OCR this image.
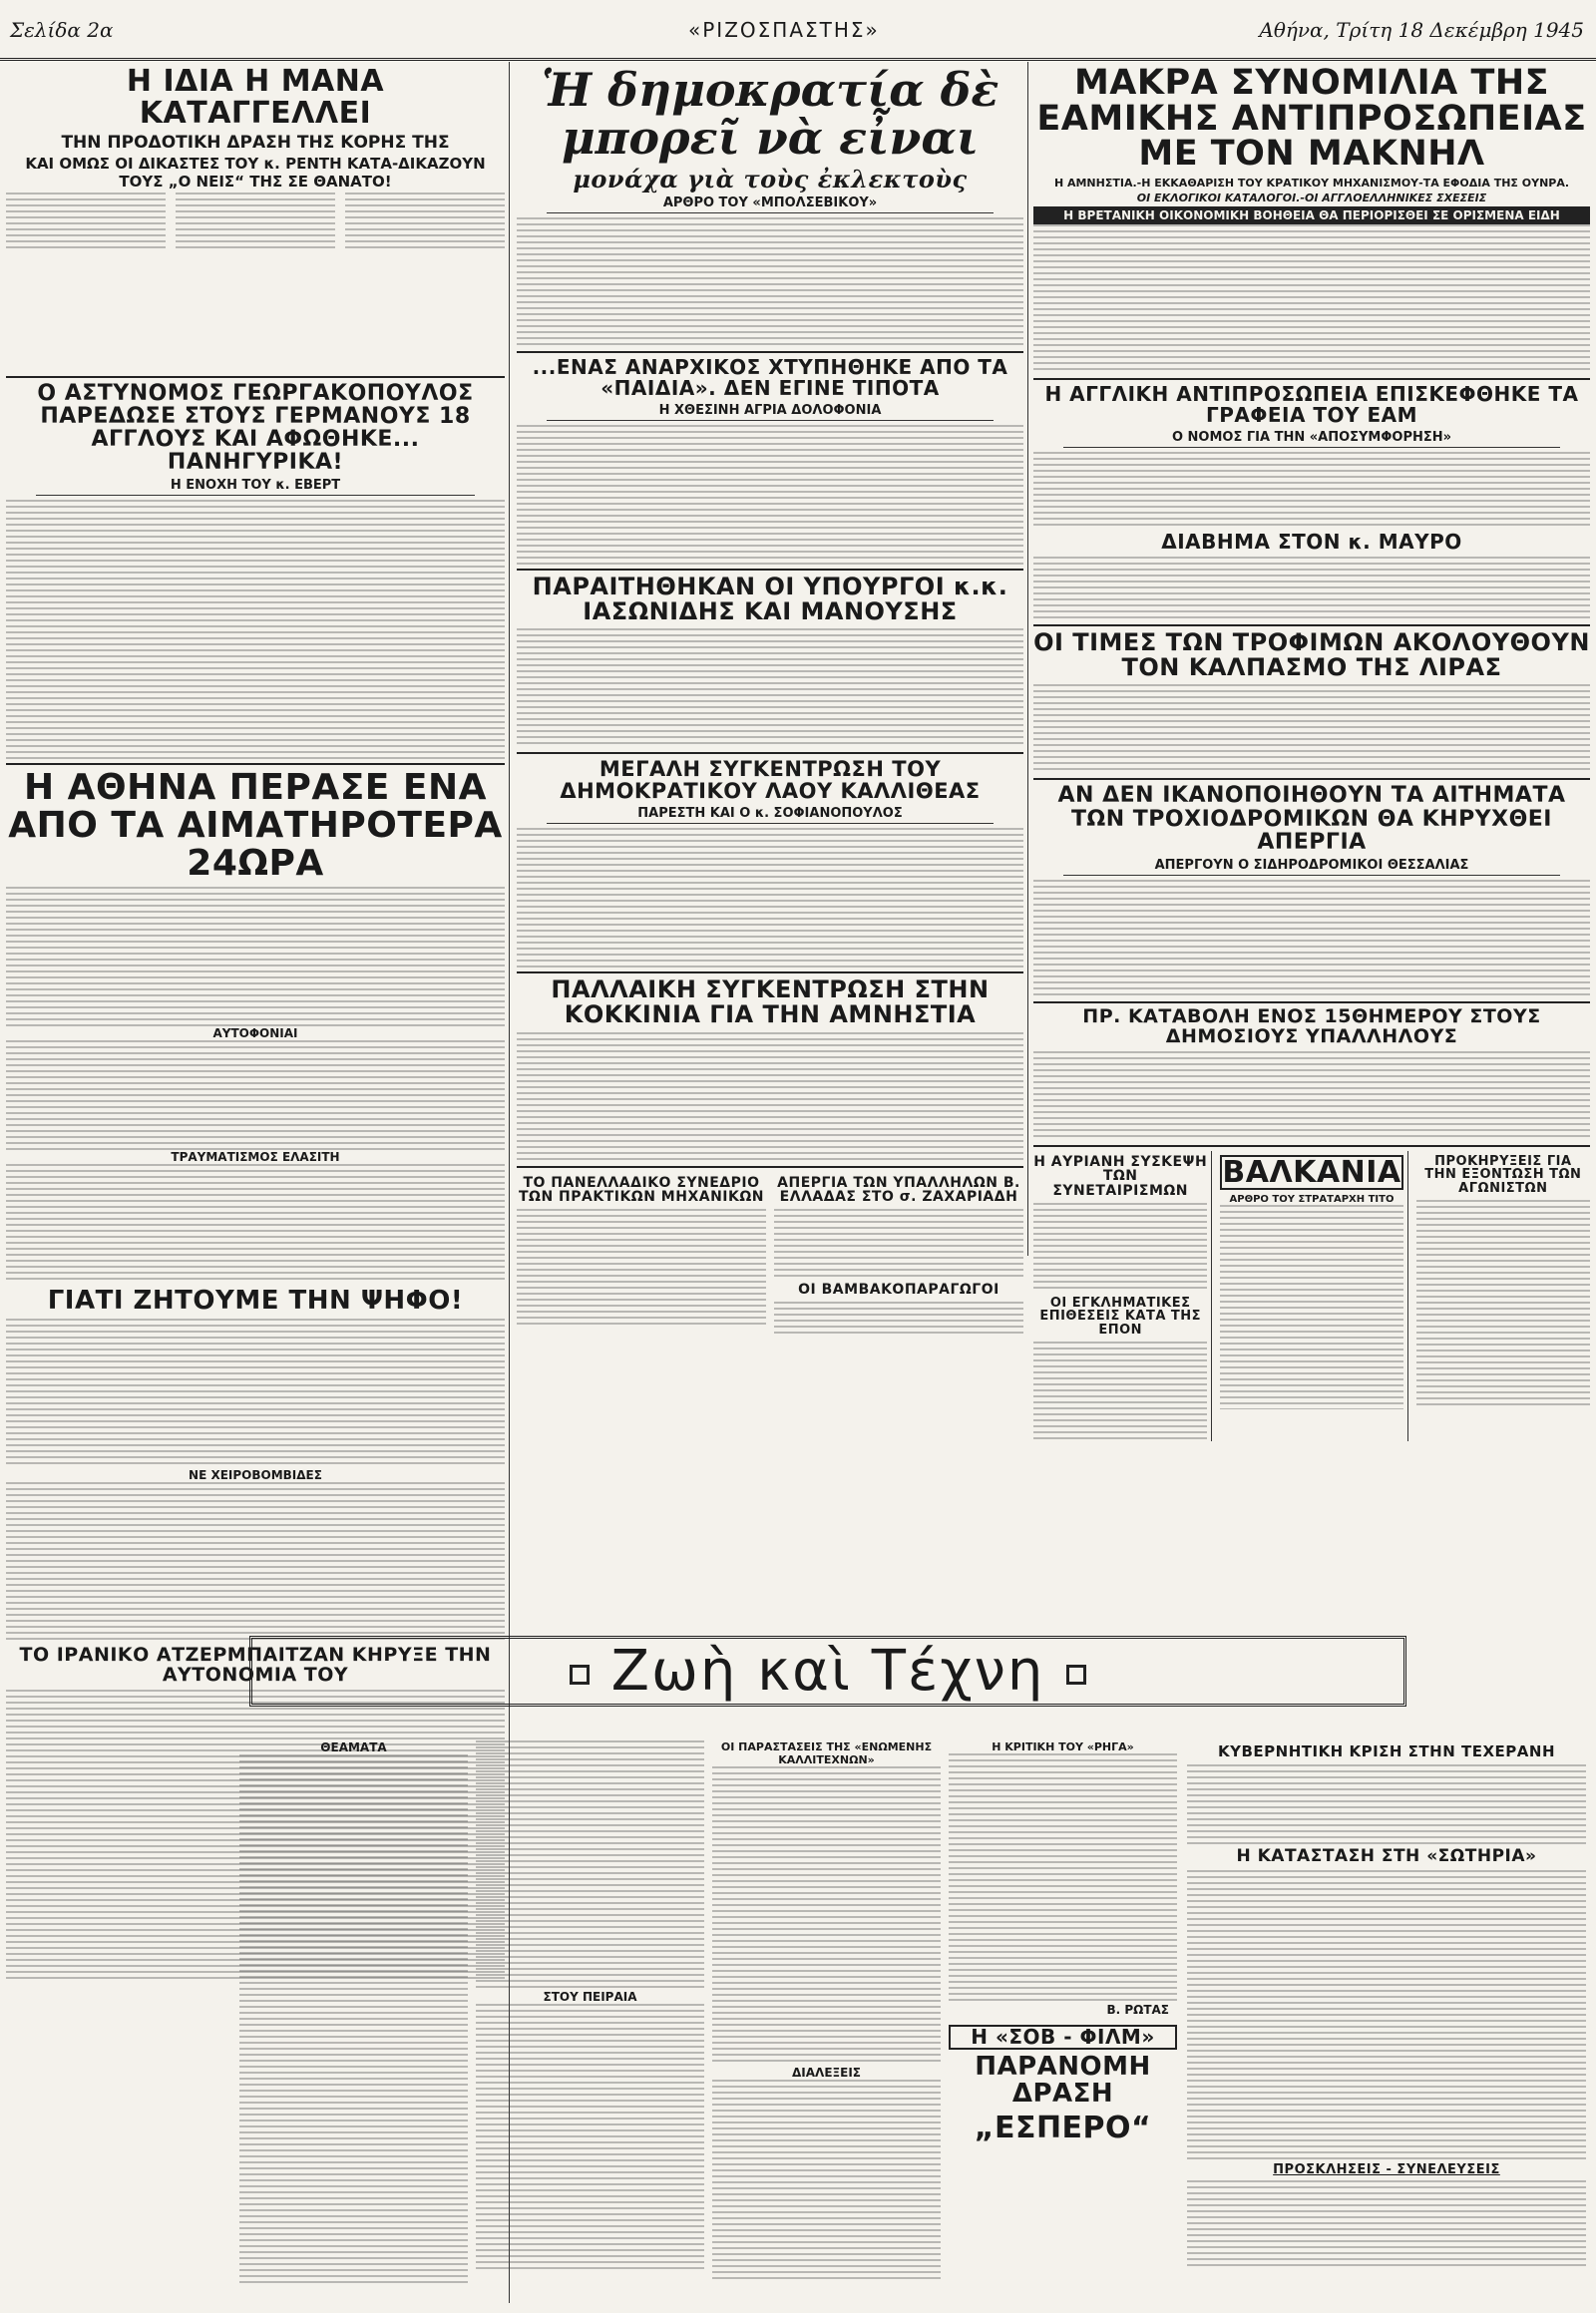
Σελίδα 2α	«ΡΙΖΟΣΠΑΣΤΗΣ»	Αθήνα, Τρίτη 18 Δεκέμβρη 1945
Η ΙΔΙΑ Η ΜΑΝΑ ΚΑΤΑΓΓΕΛΛΕΙ
ΤΗΝ ΠΡΟΔΟΤΙΚΗ ΔΡΑΣΗ ΤΗΣ ΚΟΡΗΣ ΤΗΣ
ΚΑΙ ΟΜΩΣ ΟΙ ΔΙΚΑΣΤΕΣ ΤΟΥ κ. ΡΕΝΤΗ ΚΑΤΑ-ΔΙΚΑΖΟΥΝ ΤΟΥΣ „Ο ΝΕΙΣ“ ΤΗΣ ΣΕ ΘΑΝΑΤΟ!
Ο ΑΣΤΥΝΟΜΟΣ ΓΕΩΡΓΑΚΟΠΟΥΛΟΣ ΠΑΡΕΔΩΣΕ ΣΤΟΥΣ ΓΕΡΜΑΝΟΥΣ 18 ΑΓΓΛΟΥΣ ΚΑΙ ΑΦΩΘΗΚΕ... ΠΑΝΗΓΥΡΙΚΑ!
Η ΕΝΟΧΗ ΤΟΥ κ. ΕΒΕΡΤ
Η ΑΘΗΝΑ ΠΕΡΑΣΕ ΕΝΑ ΑΠΟ ΤΑ ΑΙΜΑΤΗΡΟΤΕΡΑ 24ΩΡΑ
ΑΥΤΟΦΟΝΙΑΙ
ΤΡΑΥΜΑΤΙΣΜΟΣ ΕΛΑΣΙΤΗ
ΓΙΑΤΙ ΖΗΤΟΥΜΕ ΤΗΝ ΨΗΦΟ!
ΝΕ ΧΕΙΡΟΒΟΜΒΙΔΕΣ
ΤΟ ΙΡΑΝΙΚΟ ΑΤΖΕΡΜΠΑΙΤΖΑΝ ΚΗΡΥΞΕ ΤΗΝ ΑΥΤΟΝΟΜΙΑ ΤΟΥ
Ἡ δημοκρατία δὲ μπορεῖ νὰ εἶναι
μονάχα γιὰ τοὺς ἐκλεκτοὺς
ΑΡΘΡΟ ΤΟΥ «ΜΠΟΛΣΕΒΙΚΟΥ»
...ΕΝΑΣ ΑΝΑΡΧΙΚΟΣ ΧΤΥΠΗΘΗΚΕ ΑΠΟ ΤΑ «ΠΑΙΔΙΑ». ΔΕΝ ΕΓΙΝΕ ΤΙΠΟΤΑ
Η ΧΘΕΣΙΝΗ ΑΓΡΙΑ ΔΟΛΟΦΟΝΙΑ
ΠΑΡΑΙΤΗΘΗΚΑΝ ΟΙ ΥΠΟΥΡΓΟΙ κ.κ. ΙΑΣΩΝΙΔΗΣ ΚΑΙ ΜΑΝΟΥΣΗΣ
ΜΕΓΑΛΗ ΣΥΓΚΕΝΤΡΩΣΗ ΤΟΥ ΔΗΜΟΚΡΑΤΙΚΟΥ ΛΑΟΥ ΚΑΛΛΙΘΕΑΣ
ΠΑΡΕΣΤΗ ΚΑΙ Ο κ. ΣΟΦΙΑΝΟΠΟΥΛΟΣ
ΠΑΛΛΑΙΚΗ ΣΥΓΚΕΝΤΡΩΣΗ ΣΤΗΝ ΚΟΚΚΙΝΙΑ ΓΙΑ ΤΗΝ ΑΜΝΗΣΤΙΑ
ΤΟ ΠΑΝΕΛΛΑΔΙΚΟ ΣΥΝΕΔΡΙΟ ΤΩΝ ΠΡΑΚΤΙΚΩΝ ΜΗΧΑΝΙΚΩΝ
ΑΠΕΡΓΙΑ ΤΩΝ ΥΠΑΛΛΗΛΩΝ Β. ΕΛΛΑΔΑΣ ΣΤΟ σ. ΖΑΧΑΡΙΑΔΗ
ΟΙ ΒΑΜΒΑΚΟΠΑΡΑΓΩΓΟΙ
ΜΑΚΡΑ ΣΥΝΟΜΙΛΙΑ ΤΗΣ ΕΑΜΙΚΗΣ ΑΝΤΙΠΡΟΣΩΠΕΙΑΣ ΜΕ ΤΟΝ ΜΑΚΝΗΛ
Η ΑΜΝΗΣΤΙΑ.-Η ΕΚΚΑΘΑΡΙΣΗ ΤΟΥ ΚΡΑΤΙΚΟΥ ΜΗΧΑΝΙΣΜΟΥ-ΤΑ ΕΦΟΔΙΑ ΤΗΣ ΟΥΝΡΑ.
ΟΙ ΕΚΛΟΓΙΚΟΙ ΚΑΤΑΛΟΓΟΙ.-ΟΙ ΑΓΓΛΟΕΛΛΗΝΙΚΕΣ ΣΧΕΣΕΙΣ
Η ΒΡΕΤΑΝΙΚΗ ΟΙΚΟΝΟΜΙΚΗ ΒΟΗΘΕΙΑ ΘΑ ΠΕΡΙΟΡΙΣΘΕΙ ΣΕ ΟΡΙΣΜΕΝΑ ΕΙΔΗ
Η ΑΓΓΛΙΚΗ ΑΝΤΙΠΡΟΣΩΠΕΙΑ ΕΠΙΣΚΕΦΘΗΚΕ ΤΑ ΓΡΑΦΕΙΑ ΤΟΥ ΕΑΜ
Ο ΝΟΜΟΣ ΓΙΑ ΤΗΝ «ΑΠΟΣΥΜΦΟΡΗΣΗ»
ΔΙΑΒΗΜΑ ΣΤΟΝ κ. ΜΑΥΡΟ
ΟΙ ΤΙΜΕΣ ΤΩΝ ΤΡΟΦΙΜΩΝ ΑΚΟΛΟΥΘΟΥΝ ΤΟΝ ΚΑΛΠΑΣΜΟ ΤΗΣ ΛΙΡΑΣ
ΑΝ ΔΕΝ ΙΚΑΝΟΠΟΙΗΘΟΥΝ ΤΑ ΑΙΤΗΜΑΤΑ ΤΩΝ ΤΡΟΧΙΟΔΡΟΜΙΚΩΝ ΘΑ ΚΗΡΥΧΘΕΙ ΑΠΕΡΓΙΑ
ΑΠΕΡΓΟΥΝ Ο ΣΙΔΗΡΟΔΡΟΜΙΚΟΙ ΘΕΣΣΑΛΙΑΣ
ΠΡ. ΚΑΤΑΒΟΛΗ ΕΝΟΣ 15ΘΗΜΕΡΟΥ ΣΤΟΥΣ ΔΗΜΟΣΙΟΥΣ ΥΠΑΛΛΗΛΟΥΣ
Η ΑΥΡΙΑΝΗ ΣΥΣΚΕΨΗ ΤΩΝ ΣΥΝΕΤΑΙΡΙΣΜΩΝ
ΟΙ ΕΓΚΛΗΜΑΤΙΚΕΣ ΕΠΙΘΕΣΕΙΣ ΚΑΤΑ ΤΗΣ ΕΠΟΝ
ΒΑΛΚΑΝΙΑ
ΑΡΘΡΟ ΤΟΥ ΣΤΡΑΤΑΡΧΗ ΤΙΤΟ
ΠΡΟΚΗΡΥΞΕΙΣ ΓΙΑ ΤΗΝ ΕΞΟΝΤΩΣΗ ΤΩΝ ΑΓΩΝΙΣΤΩΝ
Ζωὴ καὶ Τέχνη
ΘΕΑΜΑΤΑ
ΣΤΟΥ ΠΕΙΡΑΙΑ
ΟΙ ΠΑΡΑΣΤΑΣΕΙΣ ΤΗΣ «ΕΝΩΜΕΝΗΣ ΚΑΛΛΙΤΕΧΝΩΝ»
ΔΙΑΛΕΞΕΙΣ
Η ΚΡΙΤΙΚΗ ΤΟΥ «ΡΗΓΑ»
Β. ΡΩΤΑΣ
Η «ΣΟΒ - ΦΙΛΜ»
ΠΑΡΑΝΟΜΗ ΔΡΑΣΗ
„ΕΣΠΕΡΟ“
ΚΥΒΕΡΝΗΤΙΚΗ ΚΡΙΣΗ ΣΤΗΝ ΤΕΧΕΡΑΝΗ
Η ΚΑΤΑΣΤΑΣΗ ΣΤΗ «ΣΩΤΗΡΙΑ»
ΠΡΟΣΚΛΗΣΕΙΣ - ΣΥΝΕΛΕΥΣΕΙΣ
